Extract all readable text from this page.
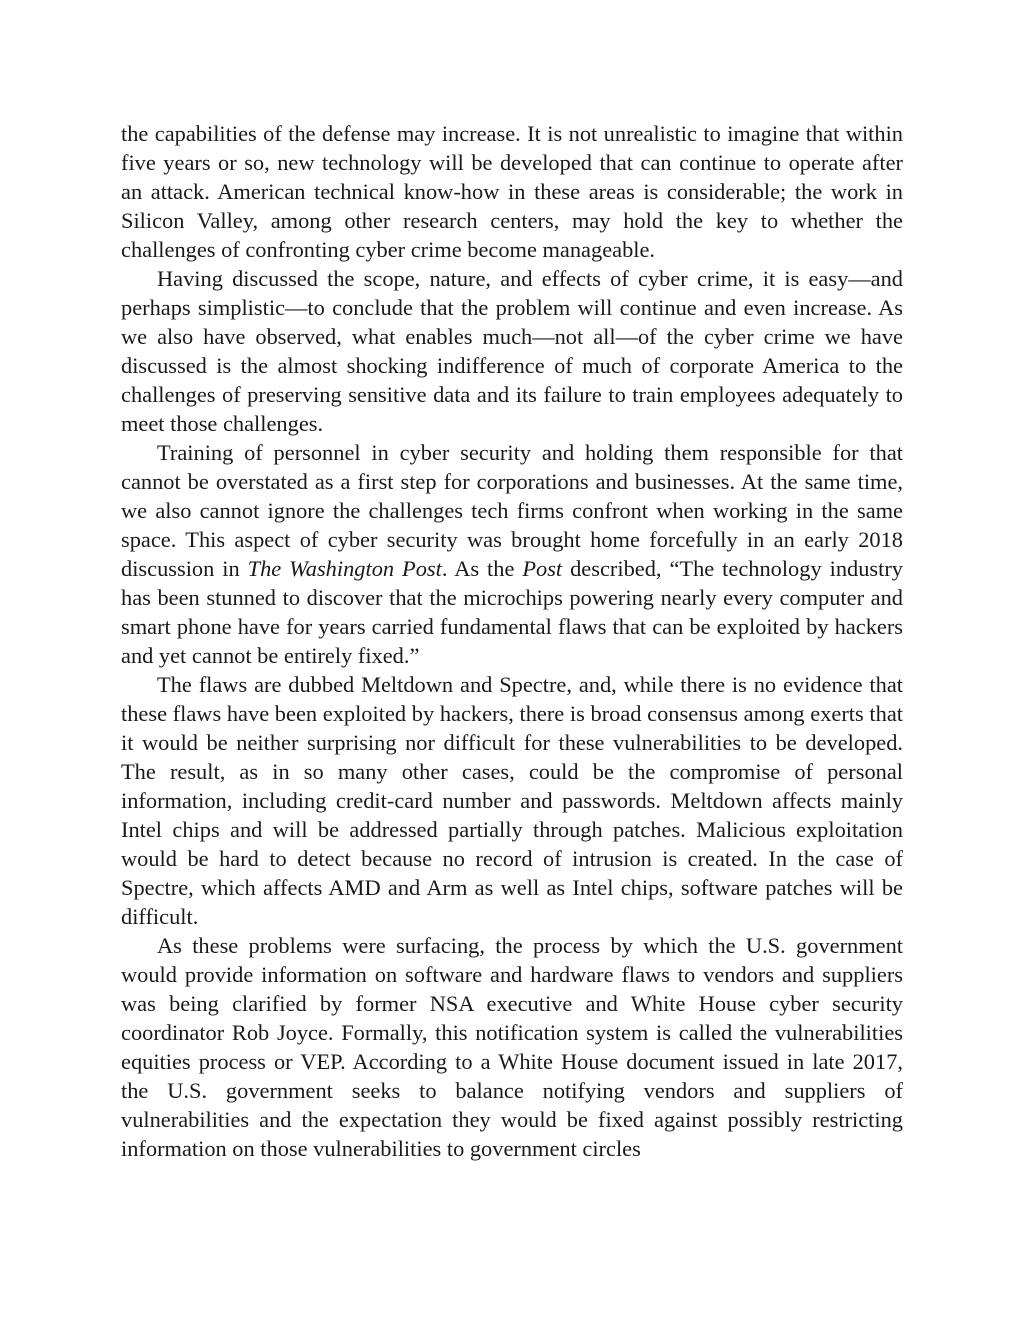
the capabilities of the defense may increase. It is not unrealistic to imagine that within five years or so, new technology will be developed that can continue to operate after an attack. American technical know-how in these areas is considerable; the work in Silicon Valley, among other research centers, may hold the key to whether the challenges of confronting cyber crime become manageable.

Having discussed the scope, nature, and effects of cyber crime, it is easy—and perhaps simplistic—to conclude that the problem will continue and even increase. As we also have observed, what enables much—not all—of the cyber crime we have discussed is the almost shocking indifference of much of corporate America to the challenges of preserving sensitive data and its failure to train employees adequately to meet those challenges.

Training of personnel in cyber security and holding them responsible for that cannot be overstated as a first step for corporations and businesses. At the same time, we also cannot ignore the challenges tech firms confront when working in the same space. This aspect of cyber security was brought home forcefully in an early 2018 discussion in The Washington Post. As the Post described, “The technology industry has been stunned to discover that the microchips powering nearly every computer and smart phone have for years carried fundamental flaws that can be exploited by hackers and yet cannot be entirely fixed.”

The flaws are dubbed Meltdown and Spectre, and, while there is no evidence that these flaws have been exploited by hackers, there is broad consensus among exerts that it would be neither surprising nor difficult for these vulnerabilities to be developed. The result, as in so many other cases, could be the compromise of personal information, including credit-card number and passwords. Meltdown affects mainly Intel chips and will be addressed partially through patches. Malicious exploitation would be hard to detect because no record of intrusion is created. In the case of Spectre, which affects AMD and Arm as well as Intel chips, software patches will be difficult.

As these problems were surfacing, the process by which the U.S. government would provide information on software and hardware flaws to vendors and suppliers was being clarified by former NSA executive and White House cyber security coordinator Rob Joyce. Formally, this notification system is called the vulnerabilities equities process or VEP. According to a White House document issued in late 2017, the U.S. government seeks to balance notifying vendors and suppliers of vulnerabilities and the expectation they would be fixed against possibly restricting information on those vulnerabilities to government circles
